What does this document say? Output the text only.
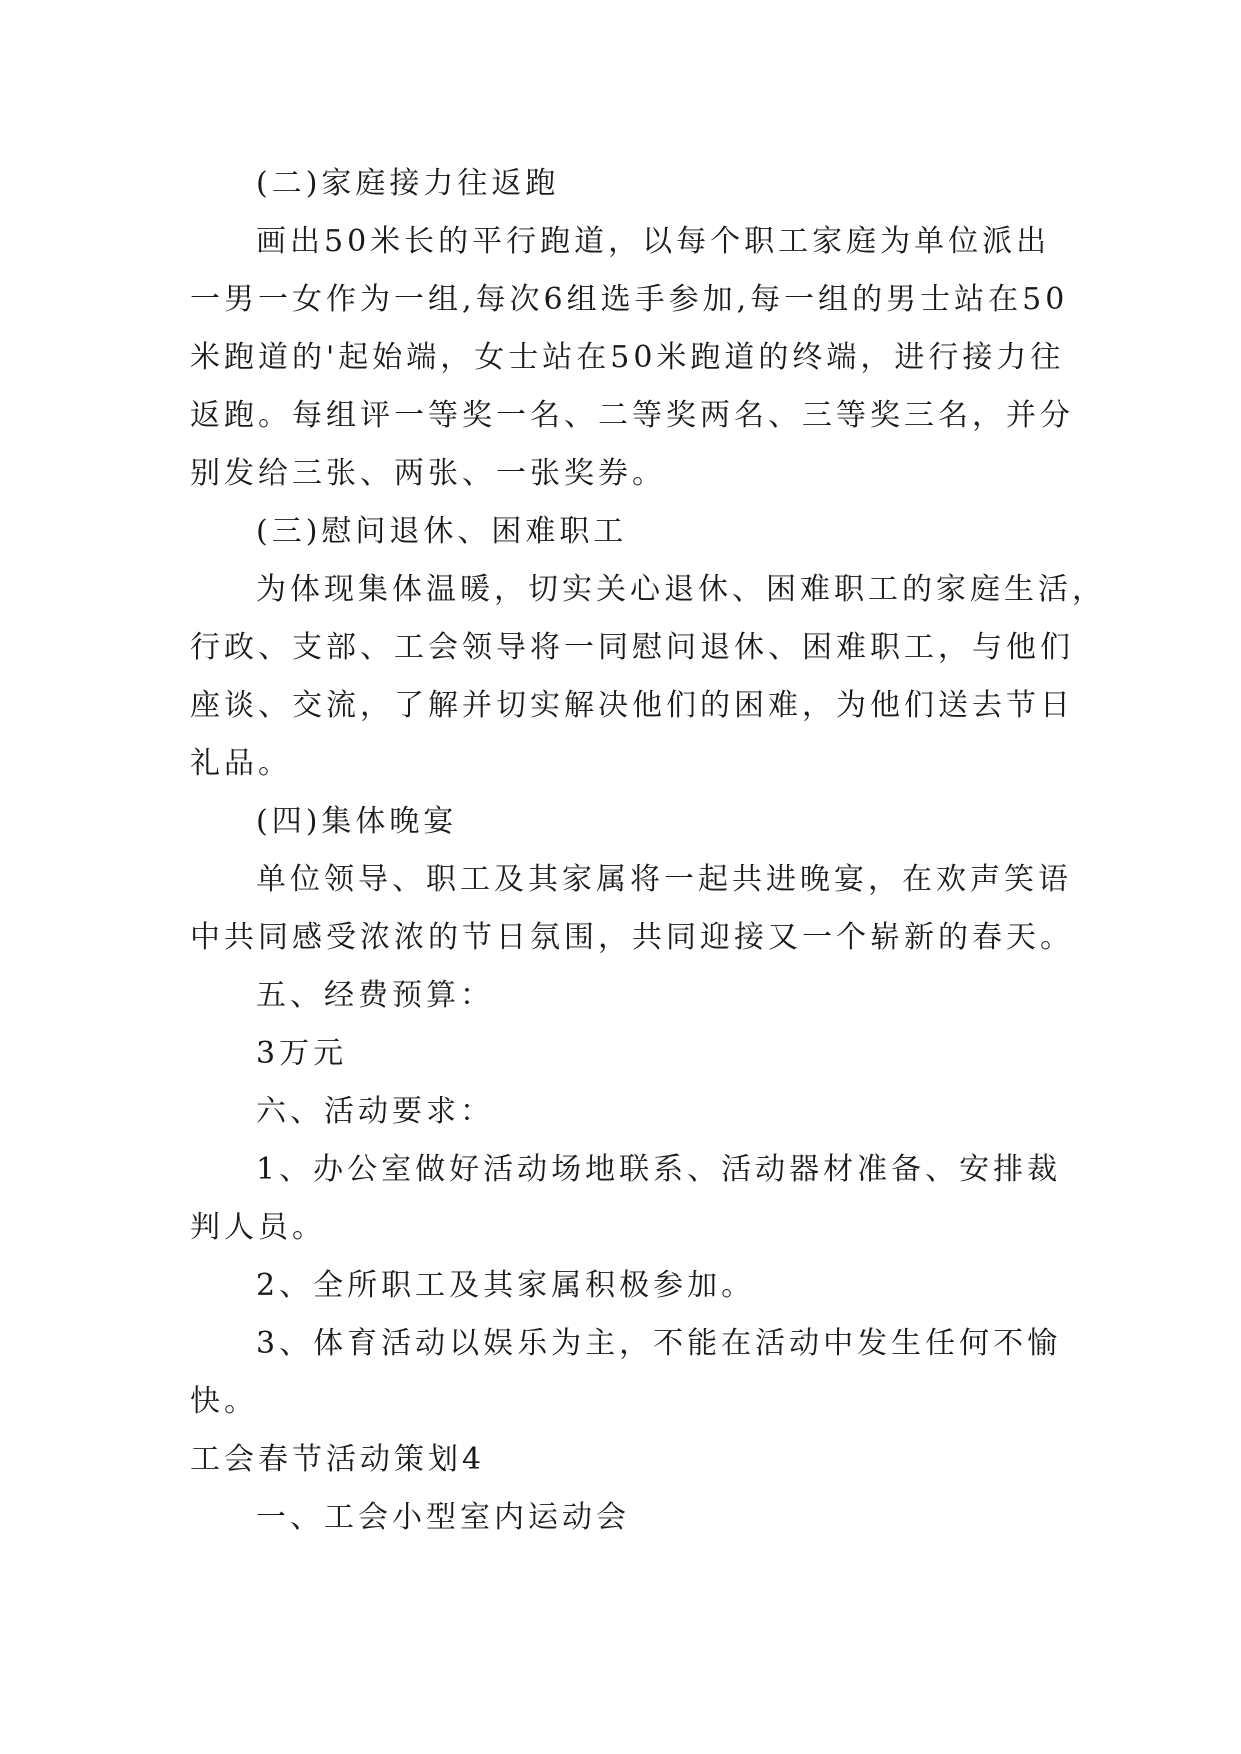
(二)家庭接力往返跑
画出50米长的平行跑道，以每个职工家庭为单位派出
一男一女作为一组,每次6组选手参加,每一组的男士站在50
米跑道的'起始端，女士站在50米跑道的终端，进行接力往
返跑。每组评一等奖一名、二等奖两名、三等奖三名，并分
别发给三张、两张、一张奖券。
(三)慰问退休、困难职工
为体现集体温暖，切实关心退休、困难职工的家庭生活，
行政、支部、工会领导将一同慰问退休、困难职工，与他们
座谈、交流，了解并切实解决他们的困难，为他们送去节日
礼品。
(四)集体晚宴
单位领导、职工及其家属将一起共进晚宴，在欢声笑语
中共同感受浓浓的节日氛围，共同迎接又一个崭新的春天。
五、经费预算：
3万元
六、活动要求：
1、办公室做好活动场地联系、活动器材准备、安排裁
判人员。
2、全所职工及其家属积极参加。
3、体育活动以娱乐为主，不能在活动中发生任何不愉
快。
工会春节活动策划4
一、工会小型室内运动会
